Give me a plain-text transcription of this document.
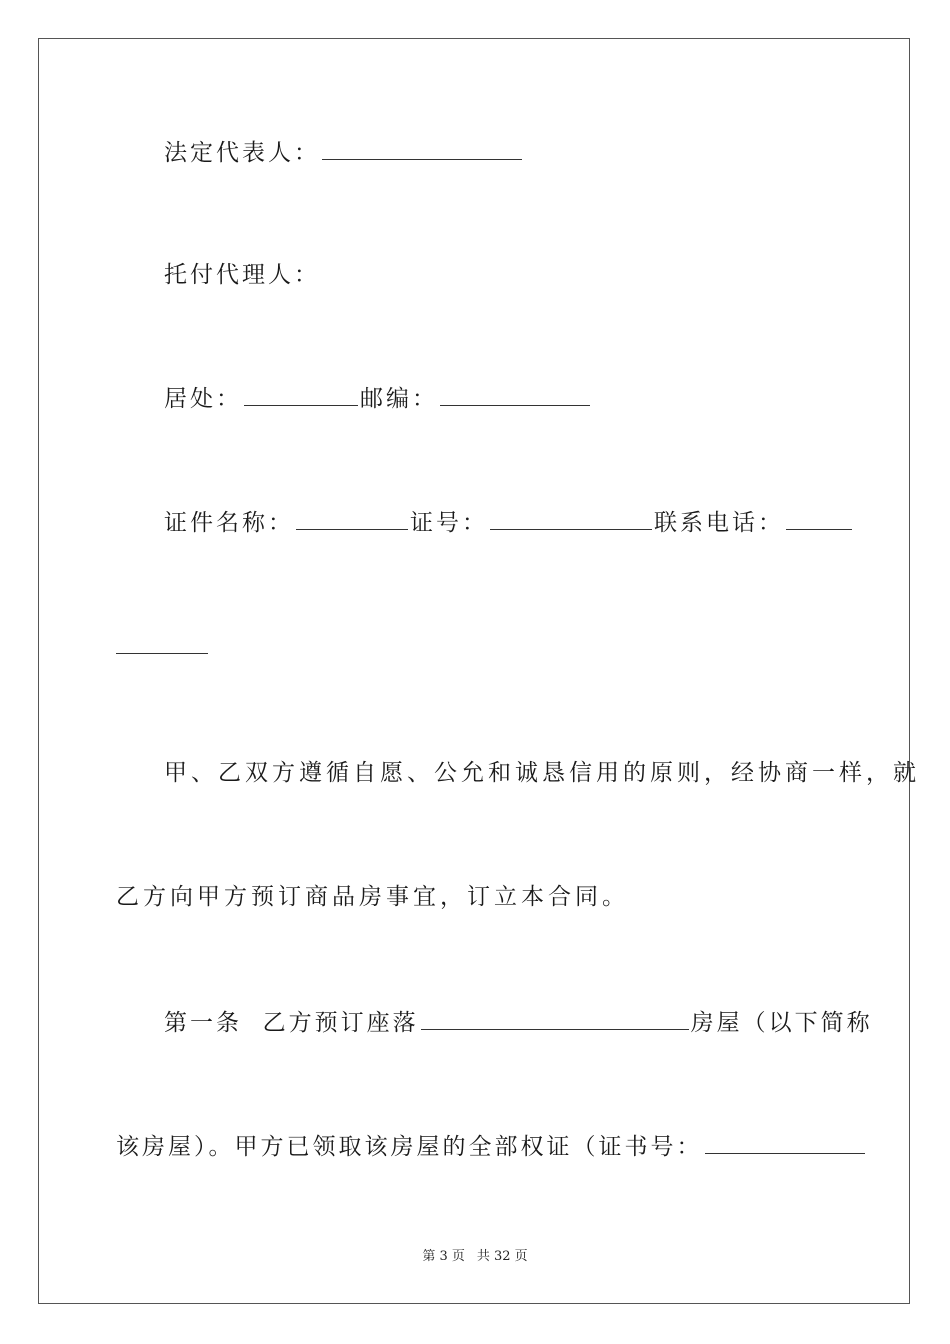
法定代表人：
托付代理人：
居处：	邮编：
证件名称：	证号：	联系电话：
甲、乙双方遵循自愿、公允和诚恳信用的原则，经协商一样，就
乙方向甲方预订商品房事宜，订立本合同。
第一条  乙方预订座落	房屋（以下简称
该房屋）。甲方已领取该房屋的全部权证（证书号：
第 3 页 共 32 页
